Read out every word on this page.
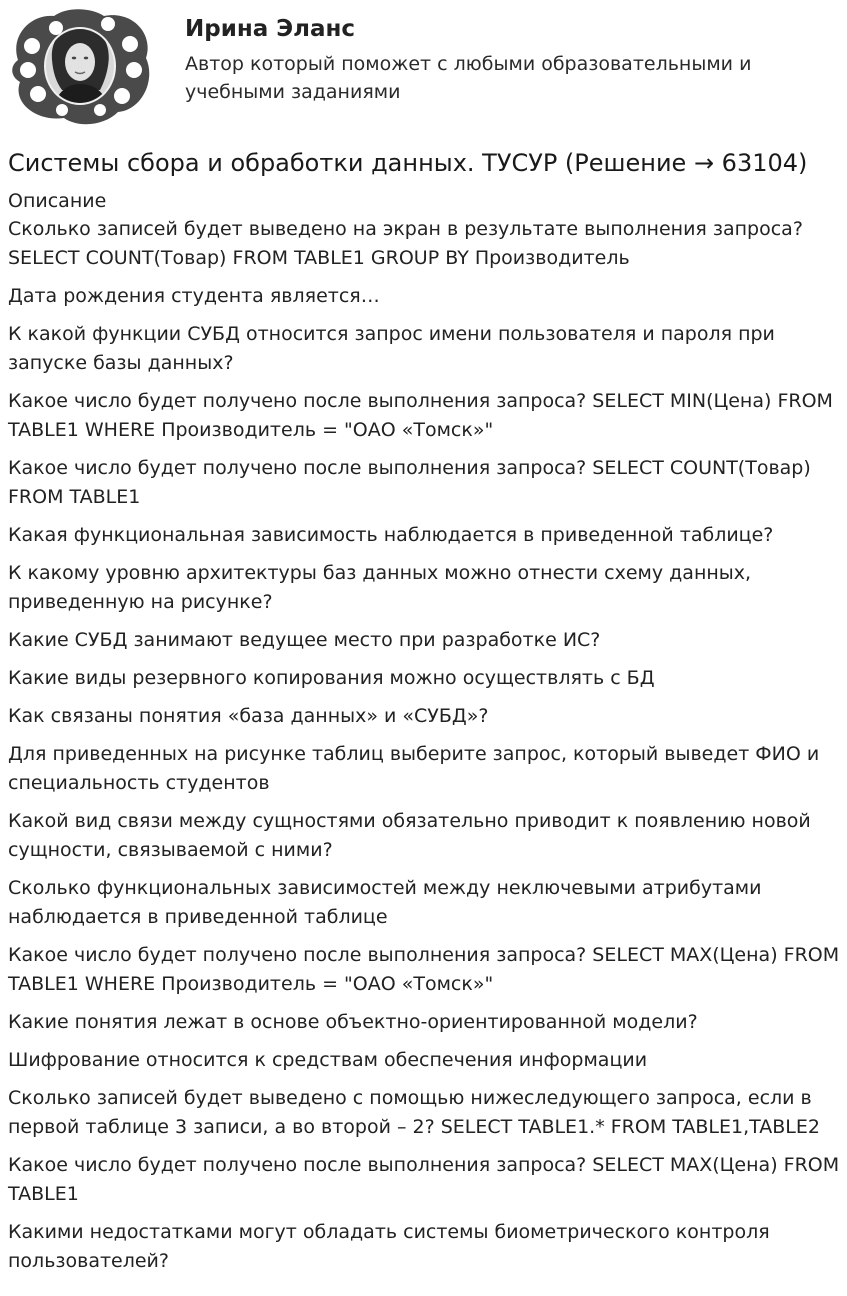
Ирина Эланс
Автор который поможет с любыми образовательными и учебными заданиями
Системы сбора и обработки данных. ТУСУР (Решение → 63104)
Описание

Сколько записей будет выведено на экран в результате выполнения запроса? SELECT COUNT(Товар) FROM TABLE1 GROUP BY Производитель

Дата рождения студента является…

К какой функции СУБД относится запрос имени пользователя и пароля при запуске базы данных?

Какое число будет получено после выполнения запроса? SELECT MIN(Цена) FROM TABLE1 WHERE Производитель = "ОАО «Томск»"

Какое число будет получено после выполнения запроса? SELECT COUNT(Товар) FROM TABLE1

Какая функциональная зависимость наблюдается в приведенной таблице?

К какому уровню архитектуры баз данных можно отнести схему данных, приведенную на рисунке?

Какие СУБД занимают ведущее место при разработке ИС?

Какие виды резервного копирования можно осуществлять с БД

Как связаны понятия «база данных» и «СУБД»?

Для приведенных на рисунке таблиц выберите запрос, который выведет ФИО и специальность студентов

Какой вид связи между сущностями обязательно приводит к появлению новой сущности, связываемой с ними?

Сколько функциональных зависимостей между неключевыми атрибутами наблюдается в приведенной таблице

Какое число будет получено после выполнения запроса? SELECT MAX(Цена) FROM TABLE1 WHERE Производитель = "ОАО «Томск»"

Какие понятия лежат в основе объектно-ориентированной модели?

Шифрование относится к средствам обеспечения информации

Сколько записей будет выведено с помощью нижеследующего запроса, если в первой таблице 3 записи, а во второй – 2? SELECT TABLE1.* FROM TABLE1,TABLE2

Какое число будет получено после выполнения запроса? SELECT MAX(Цена) FROM TABLE1

Какими недостатками могут обладать системы биометрического контроля пользователей?
